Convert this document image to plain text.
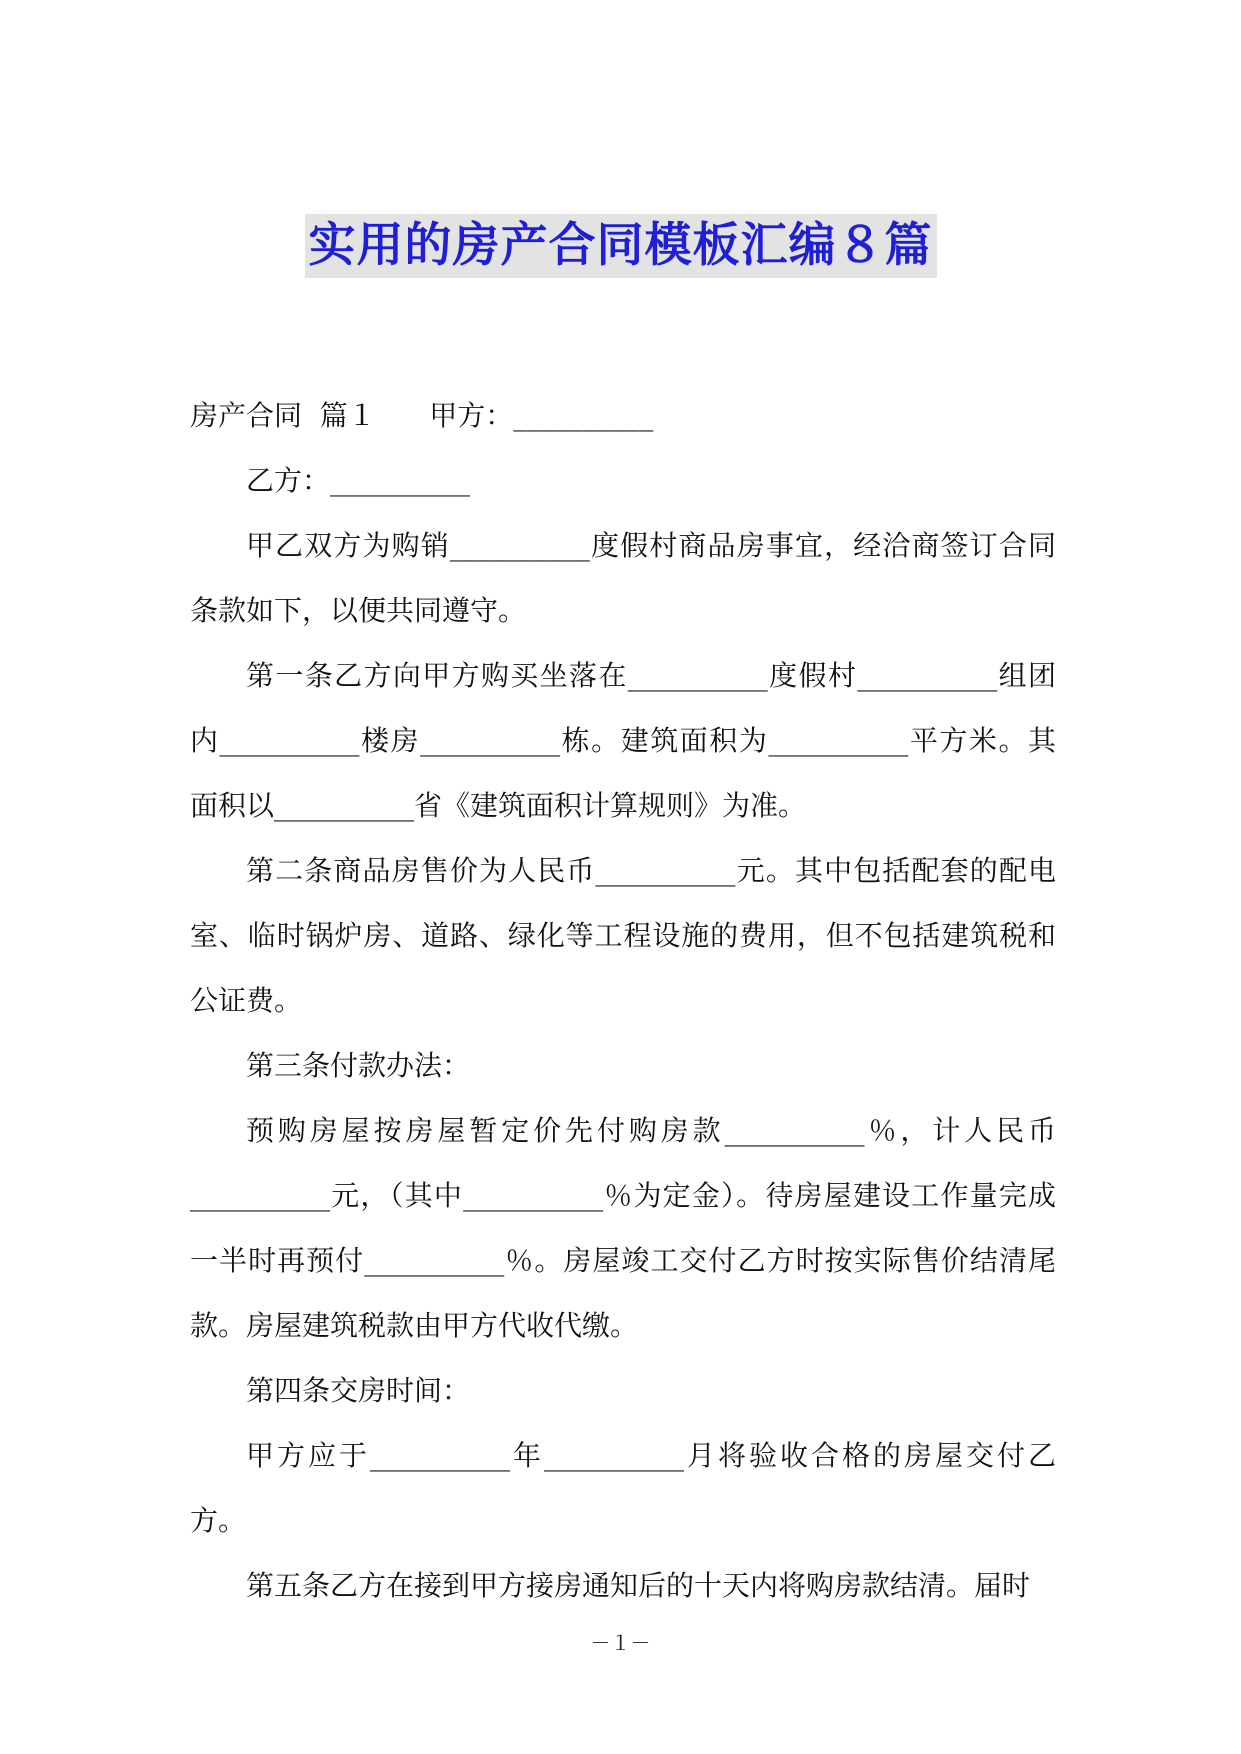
实用的房产合同模板汇编８篇

房产合同  篇１      甲方：__________

乙方：__________

甲乙双方为购销__________度假村商品房事宜，经洽商签订合同条款如下，以便共同遵守。

第一条乙方向甲方购买坐落在__________度假村__________组团内__________楼房__________栋。建筑面积为__________平方米。其面积以__________省《建筑面积计算规则》为准。

第二条商品房售价为人民币__________元。其中包括配套的配电室、临时锅炉房、道路、绿化等工程设施的费用，但不包括建筑税和公证费。

第三条付款办法：

预购房屋按房屋暂定价先付购房款__________％，计人民币__________元，（其中__________％为定金）。待房屋建设工作量完成一半时再预付__________％。房屋竣工交付乙方时按实际售价结清尾款。房屋建筑税款由甲方代收代缴。

第四条交房时间：

甲方应于__________年__________月将验收合格的房屋交付乙方。

第五条乙方在接到甲方接房通知后的十天内将购房款结清。届时

－１－
